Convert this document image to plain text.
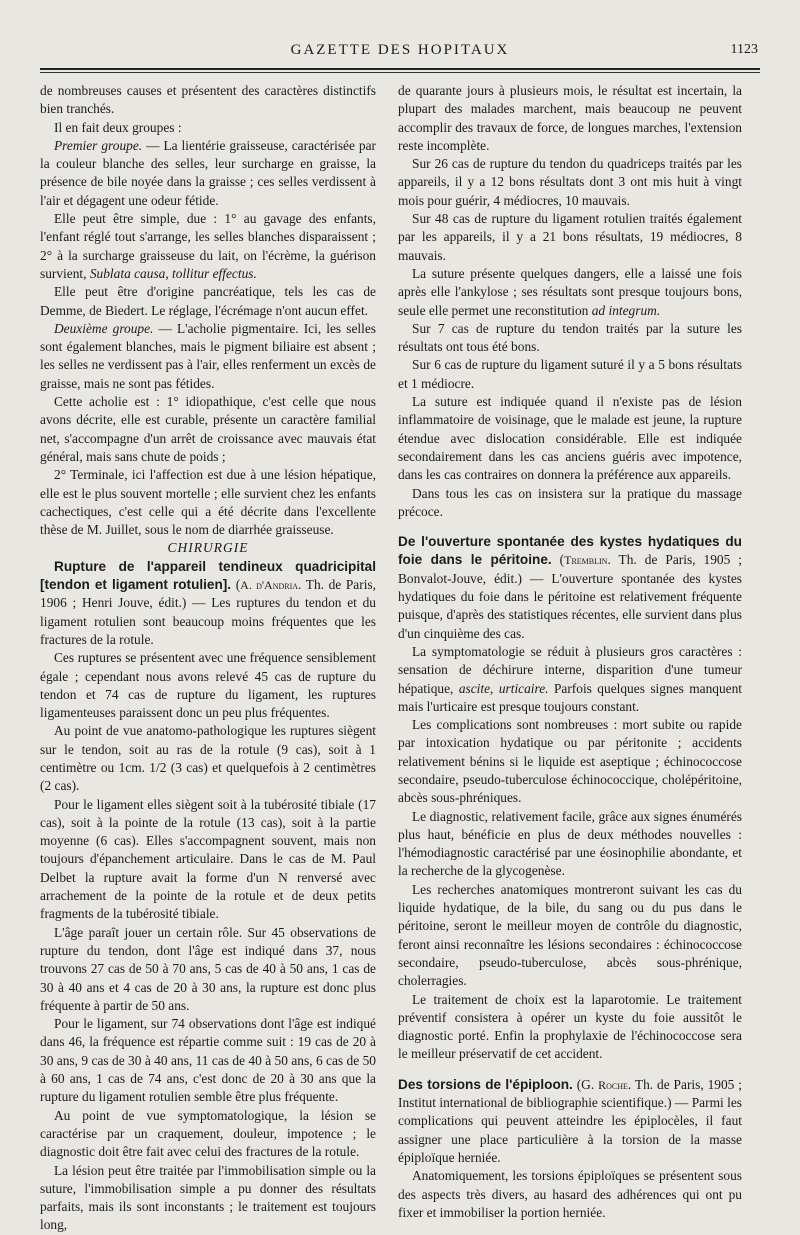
GAZETTE DES HOPITAUX	1123

de nombreuses causes et présentent des caractères distinctifs bien tranchés.

Il en fait deux groupes :

Premier groupe. — La lientérie graisseuse, caractérisée par la couleur blanche des selles, leur surcharge en graisse, la présence de bile noyée dans la graisse ; ces selles verdissent à l'air et dégagent une odeur fétide.

Elle peut être simple, due : 1° au gavage des enfants, l'enfant réglé tout s'arrange, les selles blanches disparaissent ; 2° à la surcharge graisseuse du lait, on l'écrème, la guérison survient, Sublata causa, tollitur effectus.

Elle peut être d'origine pancréatique, tels les cas de Demme, de Biedert. Le réglage, l'écrémage n'ont aucun effet.

Deuxième groupe. — L'acholie pigmentaire. Ici, les selles sont également blanches, mais le pigment biliaire est absent ; les selles ne verdissent pas à l'air, elles renferment un excès de graisse, mais ne sont pas fétides.

Cette acholie est : 1° idiopathique, c'est celle que nous avons décrite, elle est curable, présente un caractère familial net, s'accompagne d'un arrêt de croissance avec mauvais état général, mais sans chute de poids ;

2° Terminale, ici l'affection est due à une lésion hépatique, elle est le plus souvent mortelle ; elle survient chez les enfants cachectiques, c'est celle qui a été décrite dans l'excellente thèse de M. Juillet, sous le nom de diarrhée graisseuse.

CHIRURGIE

Rupture de l'appareil tendineux quadricipital [tendon et ligament rotulien]. (A. d'Andria. Th. de Paris, 1906 ; Henri Jouve, édit.) — Les ruptures du tendon et du ligament rotulien sont beaucoup moins fréquentes que les fractures de la rotule.

Ces ruptures se présentent avec une fréquence sensiblement égale ; cependant nous avons relevé 45 cas de rupture du tendon et 74 cas de rupture du ligament, les ruptures ligamenteuses paraissent donc un peu plus fréquentes.

Au point de vue anatomo-pathologique les ruptures siègent sur le tendon, soit au ras de la rotule (9 cas), soit à 1 centimètre ou 1cm. 1/2 (3 cas) et quelquefois à 2 centimètres (2 cas).

Pour le ligament elles siègent soit à la tubérosité tibiale (17 cas), soit à la pointe de la rotule (13 cas), soit à la partie moyenne (6 cas). Elles s'accompagnent souvent, mais non toujours d'épanchement articulaire. Dans le cas de M. Paul Delbet la rupture avait la forme d'un N renversé avec arrachement de la pointe de la rotule et de deux petits fragments de la tubérosité tibiale.

L'âge paraît jouer un certain rôle. Sur 45 observations de rupture du tendon, dont l'âge est indiqué dans 37, nous trouvons 27 cas de 50 à 70 ans, 5 cas de 40 à 50 ans, 1 cas de 30 à 40 ans et 4 cas de 20 à 30 ans, la rupture est donc plus fréquente à partir de 50 ans.

Pour le ligament, sur 74 observations dont l'âge est indiqué dans 46, la fréquence est répartie comme suit : 19 cas de 20 à 30 ans, 9 cas de 30 à 40 ans, 11 cas de 40 à 50 ans, 6 cas de 50 à 60 ans, 1 cas de 74 ans, c'est donc de 20 à 30 ans que la rupture du ligament rotulien semble être plus fréquente.

Au point de vue symptomatologique, la lésion se caractérise par un craquement, douleur, impotence ; le diagnostic doit être fait avec celui des fractures de la rotule.

La lésion peut être traitée par l'immobilisation simple ou la suture, l'immobilisation simple a pu donner des résultats parfaits, mais ils sont inconstants ; le traitement est toujours long,

de quarante jours à plusieurs mois, le résultat est incertain, la plupart des malades marchent, mais beaucoup ne peuvent accomplir des travaux de force, de longues marches, l'extension reste incomplète.

Sur 26 cas de rupture du tendon du quadriceps traités par les appareils, il y a 12 bons résultats dont 3 ont mis huit à vingt mois pour guérir, 4 médiocres, 10 mauvais.

Sur 48 cas de rupture du ligament rotulien traités également par les appareils, il y a 21 bons résultats, 19 médiocres, 8 mauvais.

La suture présente quelques dangers, elle a laissé une fois après elle l'ankylose ; ses résultats sont presque toujours bons, seule elle permet une reconstitution ad integrum.

Sur 7 cas de rupture du tendon traités par la suture les résultats ont tous été bons.

Sur 6 cas de rupture du ligament suturé il y a 5 bons résultats et 1 médiocre.

La suture est indiquée quand il n'existe pas de lésion inflammatoire de voisinage, que le malade est jeune, la rupture étendue avec dislocation considérable. Elle est indiquée secondairement dans les cas anciens guéris avec impotence, dans les cas contraires on donnera la préférence aux appareils.

Dans tous les cas on insistera sur la pratique du massage précoce.

De l'ouverture spontanée des kystes hydatiques du foie dans le péritoine. (Tremblin. Th. de Paris, 1905 ; Bonvalot-Jouve, édit.) — L'ouverture spontanée des kystes hydatiques du foie dans le péritoine est relativement fréquente puisque, d'après des statistiques récentes, elle survient dans plus d'un cinquième des cas.

La symptomatologie se réduit à plusieurs gros caractères : sensation de déchirure interne, disparition d'une tumeur hépatique, ascite, urticaire. Parfois quelques signes manquent mais l'urticaire est presque toujours constant.

Les complications sont nombreuses : mort subite ou rapide par intoxication hydatique ou par péritonite ; accidents relativement bénins si le liquide est aseptique ; échinococcose secondaire, pseudo-tuberculose échinococcique, cholépéritoine, abcès sous-phréniques.

Le diagnostic, relativement facile, grâce aux signes énumérés plus haut, bénéficie en plus de deux méthodes nouvelles : l'hémodiagnostic caractérisé par une éosinophilie abondante, et la recherche de la glycogenèse.

Les recherches anatomiques montreront suivant les cas du liquide hydatique, de la bile, du sang ou du pus dans le péritoine, seront le meilleur moyen de contrôle du diagnostic, feront ainsi reconnaître les lésions secondaires : échinococcose secondaire, pseudo-tuberculose, abcès sous-phrénique, cholerragies.

Le traitement de choix est la laparotomie. Le traitement préventif consistera à opérer un kyste du foie aussitôt le diagnostic porté. Enfin la prophylaxie de l'échinococcose sera le meilleur préservatif de cet accident.

Des torsions de l'épiploon. (G. Roche. Th. de Paris, 1905 ; Institut international de bibliographie scientifique.) — Parmi les complications qui peuvent atteindre les épiplocèles, il faut assigner une place particulière à la torsion de la masse épiploïque herniée.

Anatomiquement, les torsions épiploïques se présentent sous des aspects très divers, au hasard des adhérences qui ont pu fixer et immobiliser la portion herniée.
